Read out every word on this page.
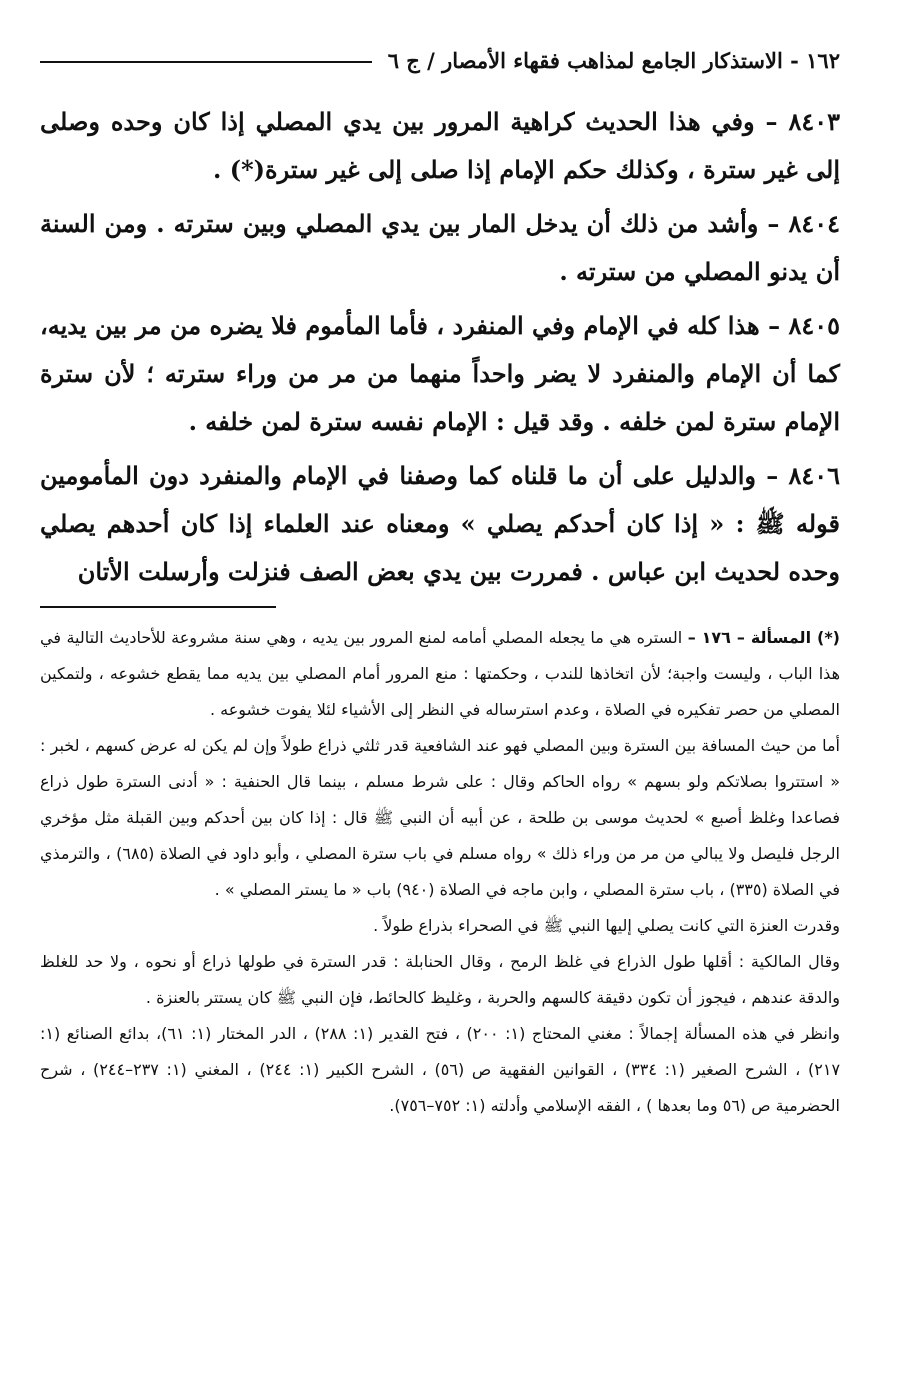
١٦٢ - الاستذكار الجامع لمذاهب فقهاء الأمصار / ج ٦

٨٤٠٣ – وفي هذا الحديث كراهية المرور بين يدي المصلي إذا كان وحده وصلى إلى غير سترة ، وكذلك حكم الإمام إذا صلى إلى غير سترة(*) .

٨٤٠٤ – وأشد من ذلك أن يدخل المار بين يدي المصلي وبين سترته . ومن السنة أن يدنو المصلي من سترته .

٨٤٠٥ – هذا كله في الإمام وفي المنفرد ، فأما المأموم فلا يضره من مر بين يديه، كما أن الإمام والمنفرد لا يضر واحداً منهما من مر من وراء سترته ؛ لأن سترة الإمام سترة لمن خلفه . وقد قيل : الإمام نفسه سترة لمن خلفه .

٨٤٠٦ – والدليل على أن ما قلناه كما وصفنا في الإمام والمنفرد دون المأمومين قوله ﷺ : « إذا كان أحدكم يصلي » ومعناه عند العلماء إذا كان أحدهم يصلي وحده لحديث ابن عباس . فمررت بين يدي بعض الصف فنزلت وأرسلت الأتان

(*) المسألة – ١٧٦ – الستره هي ما يجعله المصلي أمامه لمنع المرور بين يديه ، وهي سنة مشروعة للأحاديث التالية في هذا الباب ، وليست واجبة؛ لأن اتخاذها للندب ، وحكمتها : منع المرور أمام المصلي بين يديه مما يقطع خشوعه ، ولتمكين المصلي من حصر تفكيره في الصلاة ، وعدم استرساله في النظر إلى الأشياء لئلا يفوت خشوعه .

أما من حيث المسافة بين السترة وبين المصلي فهو عند الشافعية قدر ثلثي ذراع طولاً وإن لم يكن له عرض كسهم ، لخبر : « استتروا بصلاتكم ولو بسهم » رواه الحاكم وقال : على شرط مسلم ، بينما قال الحنفية : « أدنى السترة طول ذراع فصاعدا وغلظ أصبع » لحديث موسى بن طلحة ، عن أبيه أن النبي ﷺ قال : إذا كان بين أحدكم وبين القبلة مثل مؤخري الرجل فليصل ولا يبالي من مر من وراء ذلك » رواه مسلم في باب سترة المصلي ، وأبو داود في الصلاة (٦٨٥) ، والترمذي في الصلاة (٣٣٥) ، باب سترة المصلي ، وابن ماجه في الصلاة (٩٤٠) باب « ما يستر المصلي » .

وقدرت العنزة التي كانت يصلي إليها النبي ﷺ في الصحراء بذراع طولاً .

وقال المالكية : أقلها طول الذراع في غلظ الرمح ، وقال الحنابلة : قدر السترة في طولها ذراع أو نحوه ، ولا حد للغلظ والدقة عندهم ، فيجوز أن تكون دقيقة كالسهم والحربة ، وغليظ كالحائط، فإن النبي ﷺ كان يستتر بالعنزة .

وانظر في هذه المسألة إجمالاً : مغني المحتاج (١: ٢٠٠) ، فتح القدير (١: ٢٨٨) ، الدر المختار (١: ٦١)، بدائع الصنائع (١: ٢١٧) ، الشرح الصغير (١: ٣٣٤) ، القوانين الفقهية ص (٥٦) ، الشرح الكبير (١: ٢٤٤) ، المغني (١: ٢٣٧–٢٤٤) ، شرح الحضرمية ص (٥٦ وما بعدها ) ، الفقه الإسلامي وأدلته (١: ٧٥٢–٧٥٦).
